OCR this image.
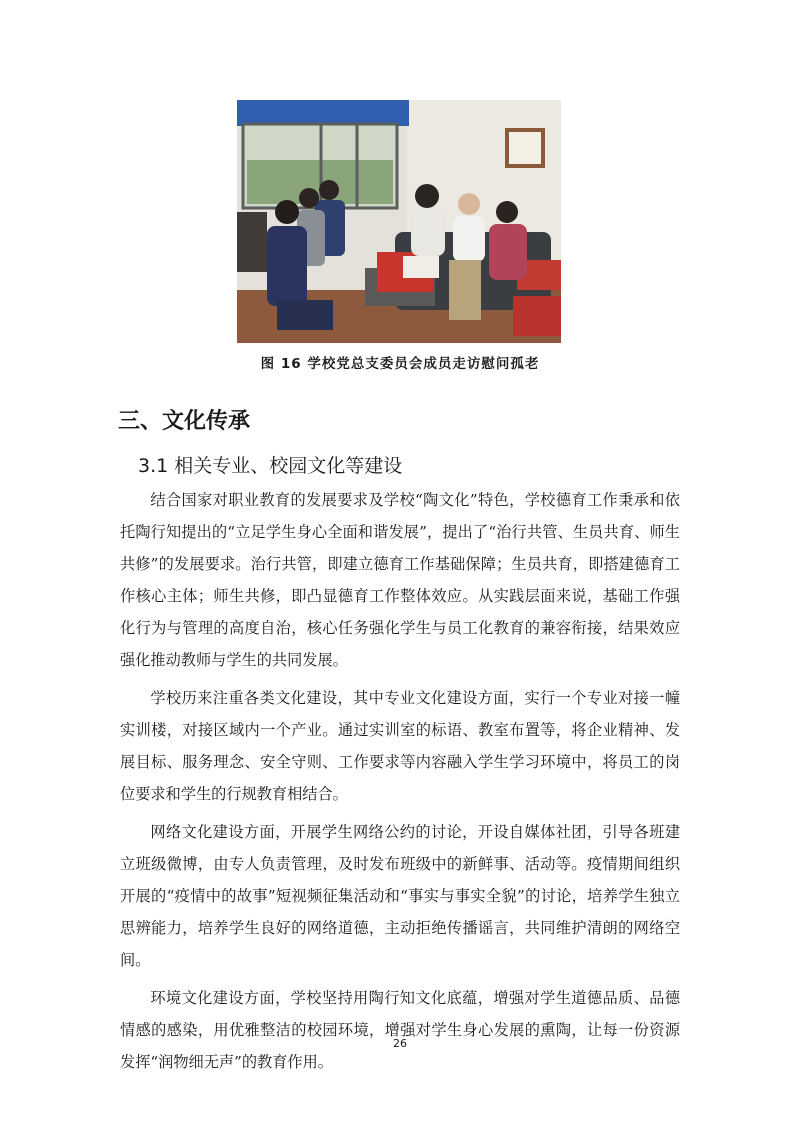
图 16 学校党总支委员会成员走访慰问孤老
三、文化传承
3.1 相关专业、校园文化等建设

结合国家对职业教育的发展要求及学校“陶文化”特色，学校德育工作秉承和依托陶行知提出的“立足学生身心全面和谐发展”，提出了“治行共管、生员共育、师生共修”的发展要求。治行共管，即建立德育工作基础保障；生员共育，即搭建德育工作核心主体；师生共修，即凸显德育工作整体效应。从实践层面来说，基础工作强化行为与管理的高度自治，核心任务强化学生与员工化教育的兼容衔接，结果效应强化推动教师与学生的共同发展。

学校历来注重各类文化建设，其中专业文化建设方面，实行一个专业对接一幢实训楼，对接区域内一个产业。通过实训室的标语、教室布置等，将企业精神、发展目标、服务理念、安全守则、工作要求等内容融入学生学习环境中，将员工的岗位要求和学生的行规教育相结合。

网络文化建设方面，开展学生网络公约的讨论，开设自媒体社团，引导各班建立班级微博，由专人负责管理，及时发布班级中的新鲜事、活动等。疫情期间组织开展的“疫情中的故事”短视频征集活动和“事实与事实全貌”的讨论，培养学生独立思辨能力，培养学生良好的网络道德，主动拒绝传播谣言，共同维护清朗的网络空间。

环境文化建设方面，学校坚持用陶行知文化底蕴，增强对学生道德品质、品德情感的感染，用优雅整洁的校园环境，增强对学生身心发展的熏陶，让每一份资源发挥“润物细无声”的教育作用。

26
